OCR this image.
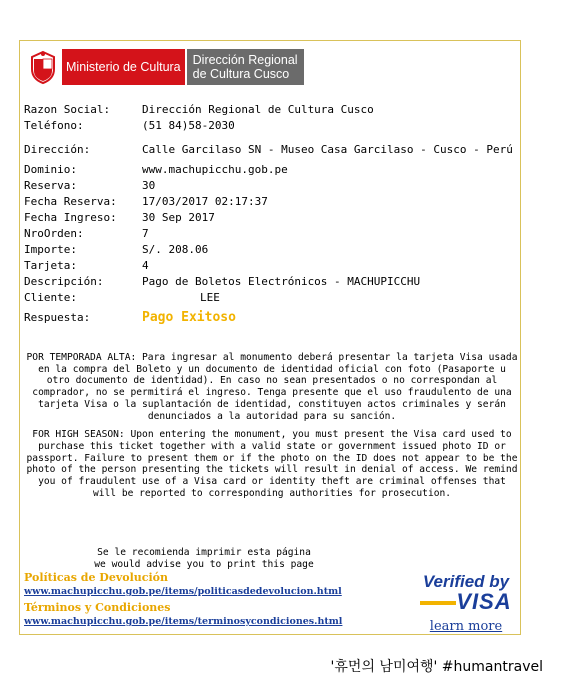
Ministerio de Cultura Dirección Regional
de Cultura Cusco
Razon Social:	Dirección Regional de Cultura Cusco
Teléfono:	(51 84)58-2030
Dirección:	Calle Garcilaso SN - Museo Casa Garcilaso - Cusco - Perú
Dominio:	www.machupicchu.gob.pe
Reserva:	30
Fecha Reserva:	17/03/2017 02:17:37
Fecha Ingreso:	30 Sep 2017
NroOrden:	7
Importe:	S/. 208.06
Tarjeta:	4
Descripción:	Pago de Boletos Electrónicos - MACHUPICCHU
Cliente:	LEE
Respuesta:	Pago Exitoso

POR TEMPORADA ALTA: Para ingresar al monumento deberá presentar la tarjeta Visa usada en la compra del Boleto y un documento de identidad oficial con foto (Pasaporte u otro documento de identidad). En caso no sean presentados o no correspondan al comprador, no se permitirá el ingreso. Tenga presente que el uso fraudulento de una tarjeta Visa o la suplantación de identidad, constituyen actos criminales y serán denunciados a la autoridad para su sanción.

FOR HIGH SEASON: Upon entering the monument, you must present the Visa card used to purchase this ticket together with a valid state or government issued photo ID or passport. Failure to present them or if the photo on the ID does not appear to be the photo of the person presenting the tickets will result in denial of access. We remind you of fraudulent use of a Visa card or identity theft are criminal offenses that will be reported to corresponding authorities for prosecution.

Se le recomienda imprimir esta página
we would advise you to print this page
Políticas de Devolución
www.machupicchu.gob.pe/items/politicasdedevolucion.html
Términos y Condiciones
www.machupicchu.gob.pe/items/terminosycondiciones.html
Verified by
VISA
learn more
'휴먼의 남미여행' #humantravel
